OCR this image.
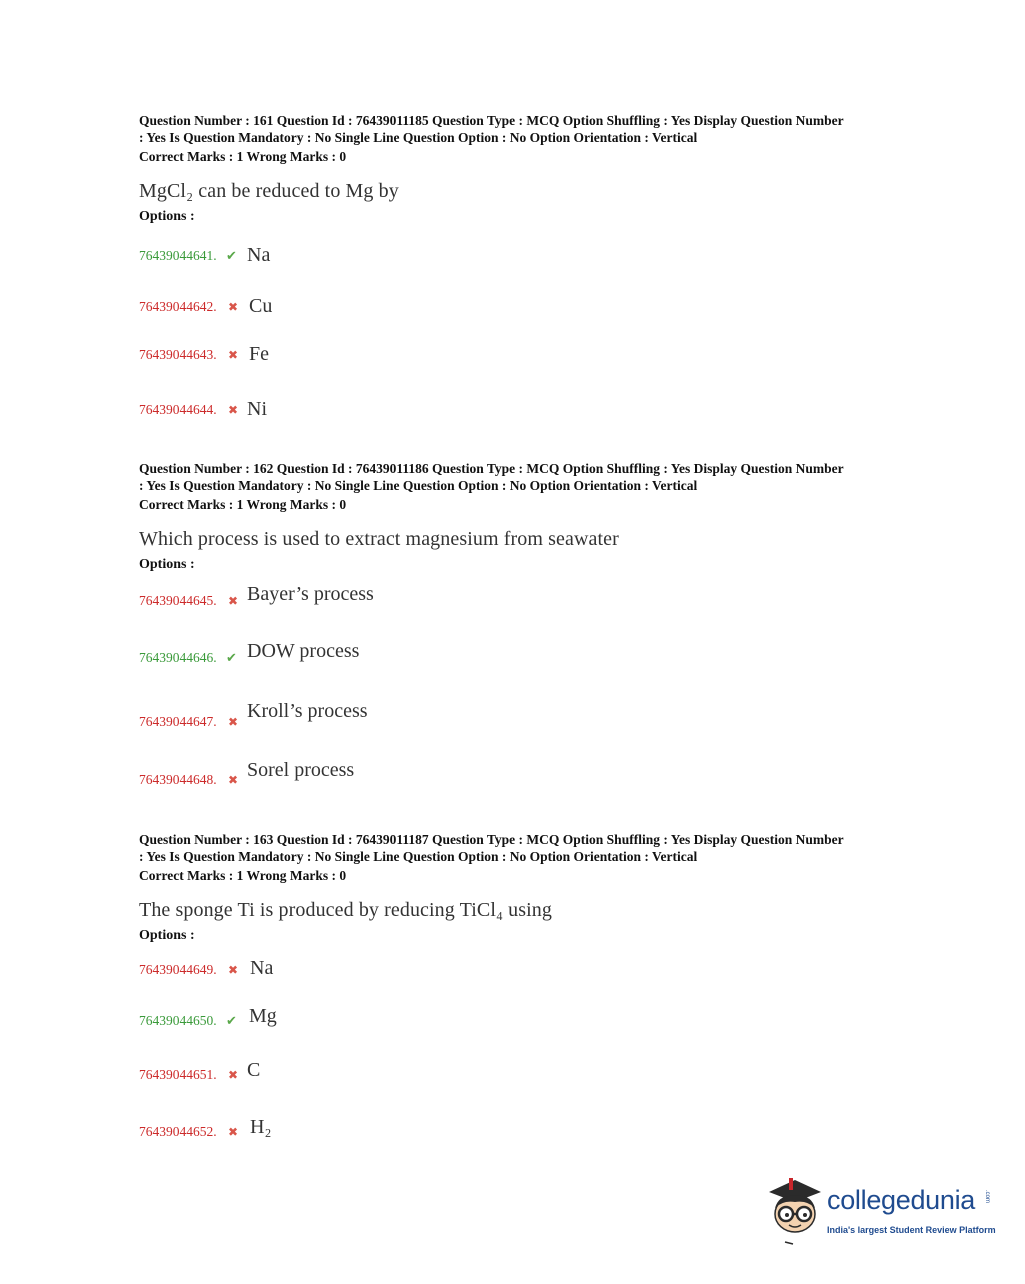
Question Number : 161 Question Id : 76439011185 Question Type : MCQ Option Shuffling : Yes Display Question Number
: Yes Is Question Mandatory : No Single Line Question Option : No Option Orientation : Vertical

Correct Marks : 1 Wrong Marks : 0

MgCl₂ can be reduced to Mg by
Options :
76439044641. ✔ Na
76439044642. ✖ Cu
76439044643. ✖ Fe
76439044644. ✖ Ni

Question Number : 162 Question Id : 76439011186 Question Type : MCQ Option Shuffling : Yes Display Question Number
: Yes Is Question Mandatory : No Single Line Question Option : No Option Orientation : Vertical

Correct Marks : 1 Wrong Marks : 0

Which process is used to extract magnesium from seawater
Options :
76439044645. ✖ Bayer’s process
76439044646. ✔ DOW process
76439044647. ✖ Kroll’s process
76439044648. ✖ Sorel process

Question Number : 163 Question Id : 76439011187 Question Type : MCQ Option Shuffling : Yes Display Question Number
: Yes Is Question Mandatory : No Single Line Question Option : No Option Orientation : Vertical

Correct Marks : 1 Wrong Marks : 0

The sponge Ti is produced by reducing TiCl₄ using
Options :
76439044649. ✖ Na
76439044650. ✔ Mg
76439044651. ✖ C
76439044652. ✖ H₂
collegedunia .com
India's largest Student Review Platform
